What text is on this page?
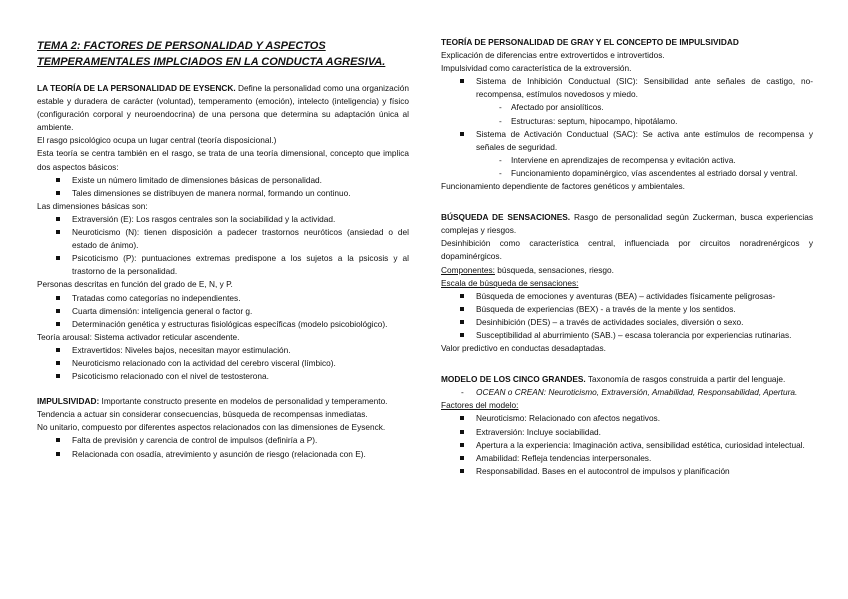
TEMA 2: FACTORES DE PERSONALIDAD Y ASPECTOS TEMPERAMENTALES IMPLCIADOS EN LA CONDUCTA AGRESIVA.

LA TEORÍA DE LA PERSONALIDAD DE EYSENCK. Define la personalidad como una organización estable y duradera de carácter (voluntad), temperamento (emoción), intelecto (inteligencia) y físico (configuración corporal y neuroendocrina) de una persona que determina su adaptación única al ambiente.

El rasgo psicológico ocupa un lugar central (teoría disposicional.)

Esta teoría se centra también en el rasgo, se trata de una teoría dimensional, concepto que implica dos aspectos básicos:

Existe un número limitado de dimensiones básicas de personalidad.
Tales dimensiones se distribuyen de manera normal, formando un continuo.

Las dimensiones básicas son:

Extraversión (E): Los rasgos centrales son la sociabilidad y la actividad.
Neuroticismo (N): tienen disposición a padecer trastornos neuróticos (ansiedad o del estado de ánimo).
Psicoticismo (P): puntuaciones extremas predispone a los sujetos a la psicosis y al trastorno de la personalidad.

Personas descritas en función del grado de E, N, y P.

Tratadas como categorías no independientes.
Cuarta dimensión: inteligencia general o factor g.
Determinación genética y estructuras fisiológicas específicas (modelo psicobiológico).

Teoría arousal: Sistema activador reticular ascendente.

Extravertidos: Niveles bajos, necesitan mayor estimulación.
Neuroticismo relacionado con la actividad del cerebro visceral (límbico).
Psicoticismo relacionado con el nivel de testosterona.

IMPULSIVIDAD: Importante constructo presente en modelos de personalidad y temperamento.

Tendencia a actuar sin considerar consecuencias, búsqueda de recompensas inmediatas.

No unitario, compuesto por diferentes aspectos relacionados con las dimensiones de Eysenck.

Falta de previsión y carencia de control de impulsos (definiría a P).
Relacionada con osadía, atrevimiento y asunción de riesgo (relacionada con E).

TEORÍA DE PERSONALIDAD DE GRAY Y EL CONCEPTO DE IMPULSIVIDAD

Explicación de diferencias entre extrovertidos e introvertidos.

Impulsividad como característica de la extroversión.

Sistema de Inhibición Conductual (SIC): Sensibilidad ante señales de castigo, no-recompensa, estímulos novedosos y miedo.
- Afectado por ansiolíticos.
- Estructuras: septum, hipocampo, hipotálamo.
Sistema de Activación Conductual (SAC): Se activa ante estímulos de recompensa y señales de seguridad.
- Interviene en aprendizajes de recompensa y evitación activa.
- Funcionamiento dopaminérgico, vías ascendentes al estriado dorsal y ventral.

Funcionamiento dependiente de factores genéticos y ambientales.

BÚSQUEDA DE SENSACIONES. Rasgo de personalidad según Zuckerman, busca experiencias complejas y riesgos.

Desinhibición como característica central, influenciada por circuitos noradrenérgicos y dopaminérgicos.

Componentes: búsqueda, sensaciones, riesgo.

Escala de búsqueda de sensaciones:

Búsqueda de emociones y aventuras (BEA) – actividades físicamente peligrosas-
Búsqueda de experiencias (BEX) - a través de la mente y los sentidos.
Desinhibición (DES) – a través de actividades sociales, diversión o sexo.
Susceptibilidad al aburrimiento (SAB.) – escasa tolerancia por experiencias rutinarias.

Valor predictivo en conductas desadaptadas.

MODELO DE LOS CINCO GRANDES. Taxonomía de rasgos construida a partir del lenguaje.

- OCEAN o CREAN: Neuroticismo, Extraversión, Amabilidad, Responsabilidad, Apertura.

Factores del modelo:

Neuroticismo: Relacionado con afectos negativos.
Extraversión: Incluye sociabilidad.
Apertura a la experiencia: Imaginación activa, sensibilidad estética, curiosidad intelectual.
Amabilidad: Refleja tendencias interpersonales.
Responsabilidad. Bases en el autocontrol de impulsos y planificación
